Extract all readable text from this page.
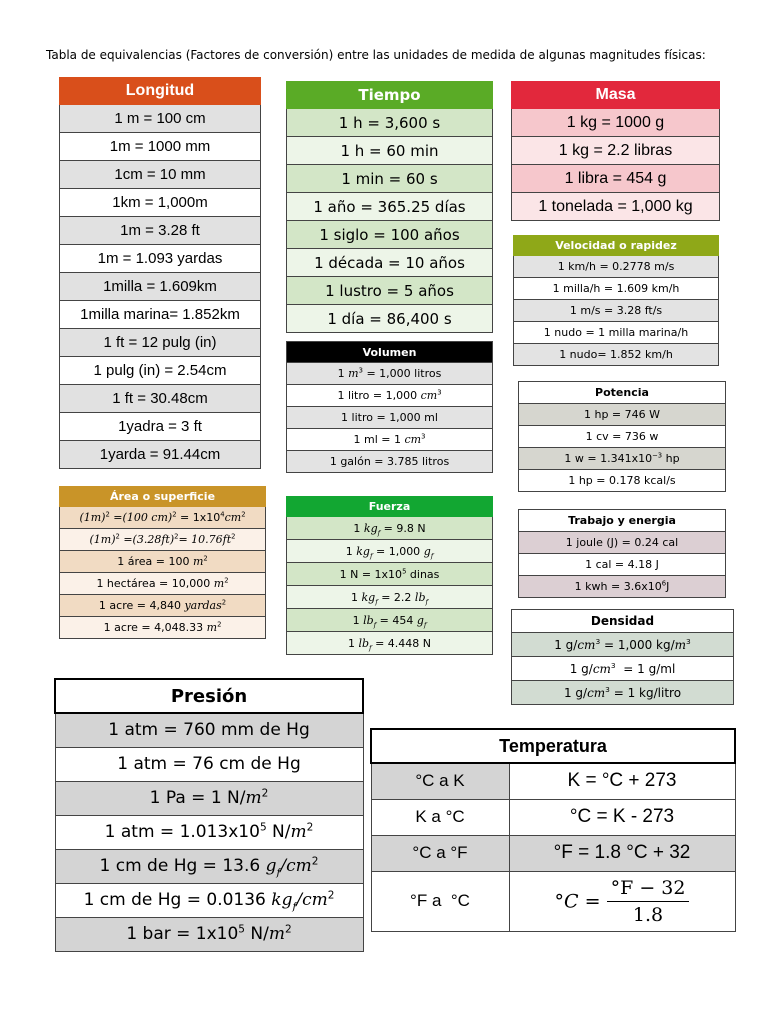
Tabla de equivalencias (Factores de conversión) entre las unidades de medida de algunas magnitudes físicas:
Longitud
1 m = 100 cm
1m = 1000 mm
1cm = 10 mm
1km = 1,000m
1m = 3.28 ft
1m = 1.093 yardas
1milla = 1.609km
1milla marina= 1.852km
1 ft = 12 pulg (in)
1 pulg (in) = 2.54cm
1 ft = 30.48cm
1yadra = 3 ft
1yarda = 91.44cm
Tiempo
1 h = 3,600 s
1 h = 60 min
1 min = 60 s
1 año = 365.25 días
1 siglo = 100 años
1 década = 10 años
1 lustro = 5 años
1 día = 86,400 s
Masa
1 kg = 1000 g
1 kg = 2.2 libras
1 libra = 454 g
1 tonelada = 1,000 kg
Velocidad o rapidez
1 km/h = 0.2778 m/s
1 milla/h = 1.609 km/h
1 m/s = 3.28 ft/s
1 nudo = 1 milla marina/h
1 nudo= 1.852 km/h
Volumen
1 $m^3 = 1,000$ litros
1 litro = 1,000 $cm^3$
1 litro = 1,000 ml
1 ml = 1 $cm^3$
1 galón = 3.785 litros
Potencia
1 hp = 746 W
1 cv = 736 w
1 $w = 1.341x10^{-3}$ hp
1 hp = 0.178 kcal/s
Área o superficie
$(1m)^2 =(100$ $cm)^2 = 1x10^4cm^2$
$(1m)^2 =(3.28ft)^2= 10.76ft^2$
1 área = 100 $m^2$
1 hectárea = 10,000 $m^2$
1 acre = 4,840 yardas$^2$
1 acre = 4,048.33 $m^2$
Fuerza
1 $kg_f = 9.8$ N
1 $kg_f = 1,000$ $g_f$
1 $N = 1x10^5$ dinas
1 $kg_f = 2.2$ $lb_f$
1 $lb_f = 454$ $g_f$
1 $lb_f = 4.448$ N
Trabajo y energia
1 joule (J) = 0.24 cal
1 cal = 4.18 J
1 kwh = $3.6x10^6J$
Densidad
1 $g/cm^3 = 1,000$ $kg/m^3$
1 $g/cm^3 = 1$ g/ml
1 $g/cm^3 = 1$ kg/litro
Presión
1 atm = 760 mm de Hg
1 atm = 76 cm de Hg
1 Pa = 1 $N/m^2$
1 atm = $1.013x10^5$ $N/m^2$
1 cm de Hg = 13.6 $g_f/cm^2$
1 cm de Hg = 0.0136 $kg_f/cm^2$
1 bar = $1x10^5$ $N/m^2$
Temperatura	
°C a K	K = °C + 273
K a °C	°C = K - 273
°C a °F	°F = 1.8 °C + 32
°F a  °C	$^\circ C = \frac{^\circ F - 32}{1.8}$
